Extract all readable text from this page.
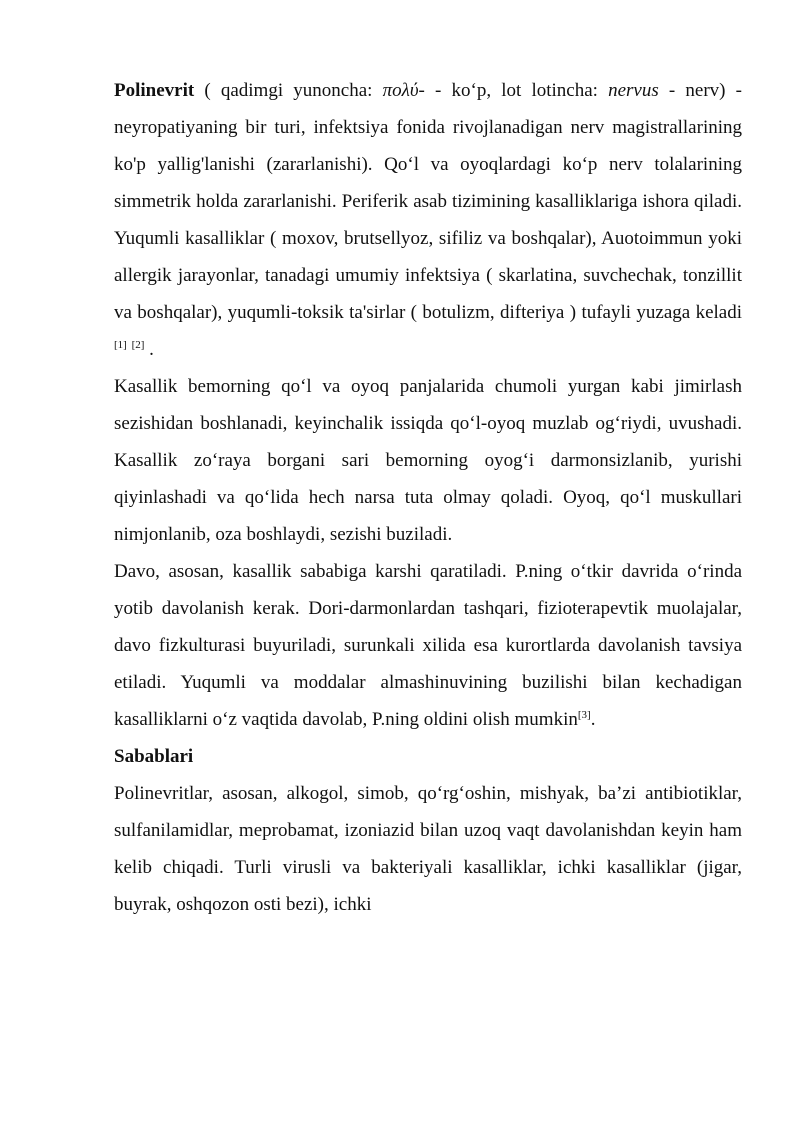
Polinevrit ( qadimgi yunoncha: πολύ- - ko‘p, lot lotincha: nervus - nerv) - neyropatiyaning bir turi, infektsiya fonida rivojlanadigan nerv magistrallarining ko'p yallig'lanishi (zararlanishi). Qo‘l va oyoqlardagi ko‘p nerv tolalarining simmetrik holda zararlanishi. Periferik asab tizimining kasalliklariga ishora qiladi. Yuqumli kasalliklar ( moxov, brutsellyoz, sifiliz va boshqalar), Auotoimmun yoki allergik jarayonlar, tanadagi umumiy infektsiya ( skarlatina, suvchechak, tonzillit va boshqalar), yuqumli-toksik ta'sirlar ( botulizm, difteriya ) tufayli yuzaga keladi [1] [2] .

Kasallik bemorning qo‘l va oyoq panjalarida chumoli yurgan kabi jimirlash sezishidan boshlanadi, keyinchalik issiqda qo‘l-oyoq muzlab og‘riydi, uvushadi. Kasallik zo‘raya borgani sari bemorning oyog‘i darmonsizlanib, yurishi qiyinlashadi va qo‘lida hech narsa tuta olmay qoladi. Oyoq, qo‘l muskullari nimjonlanib, oza boshlaydi, sezishi buziladi.

Davo, asosan, kasallik sababiga karshi qaratiladi. P.ning o‘tkir davrida o‘rinda yotib davolanish kerak. Dori-darmonlardan tashqari, fizioterapevtik muolajalar, davo fizkulturasi buyuriladi, surunkali xilida esa kurortlarda davolanish tavsiya etiladi. Yuqumli va moddalar almashinuvining buzilishi bilan kechadigan kasalliklarni o‘z vaqtida davolab, P.ning oldini olish mumkin[3].

Sabablari

Polinevritlar, asosan, alkogol, simob, qo‘rg‘oshin, mishyak, ba’zi antibiotiklar, sulfanilamidlar, meprobamat, izoniazid bilan uzoq vaqt davolanishdan keyin ham kelib chiqadi. Turli virusli va bakteriyali kasalliklar, ichki kasalliklar (jigar, buyrak, oshqozon osti bezi), ichki
